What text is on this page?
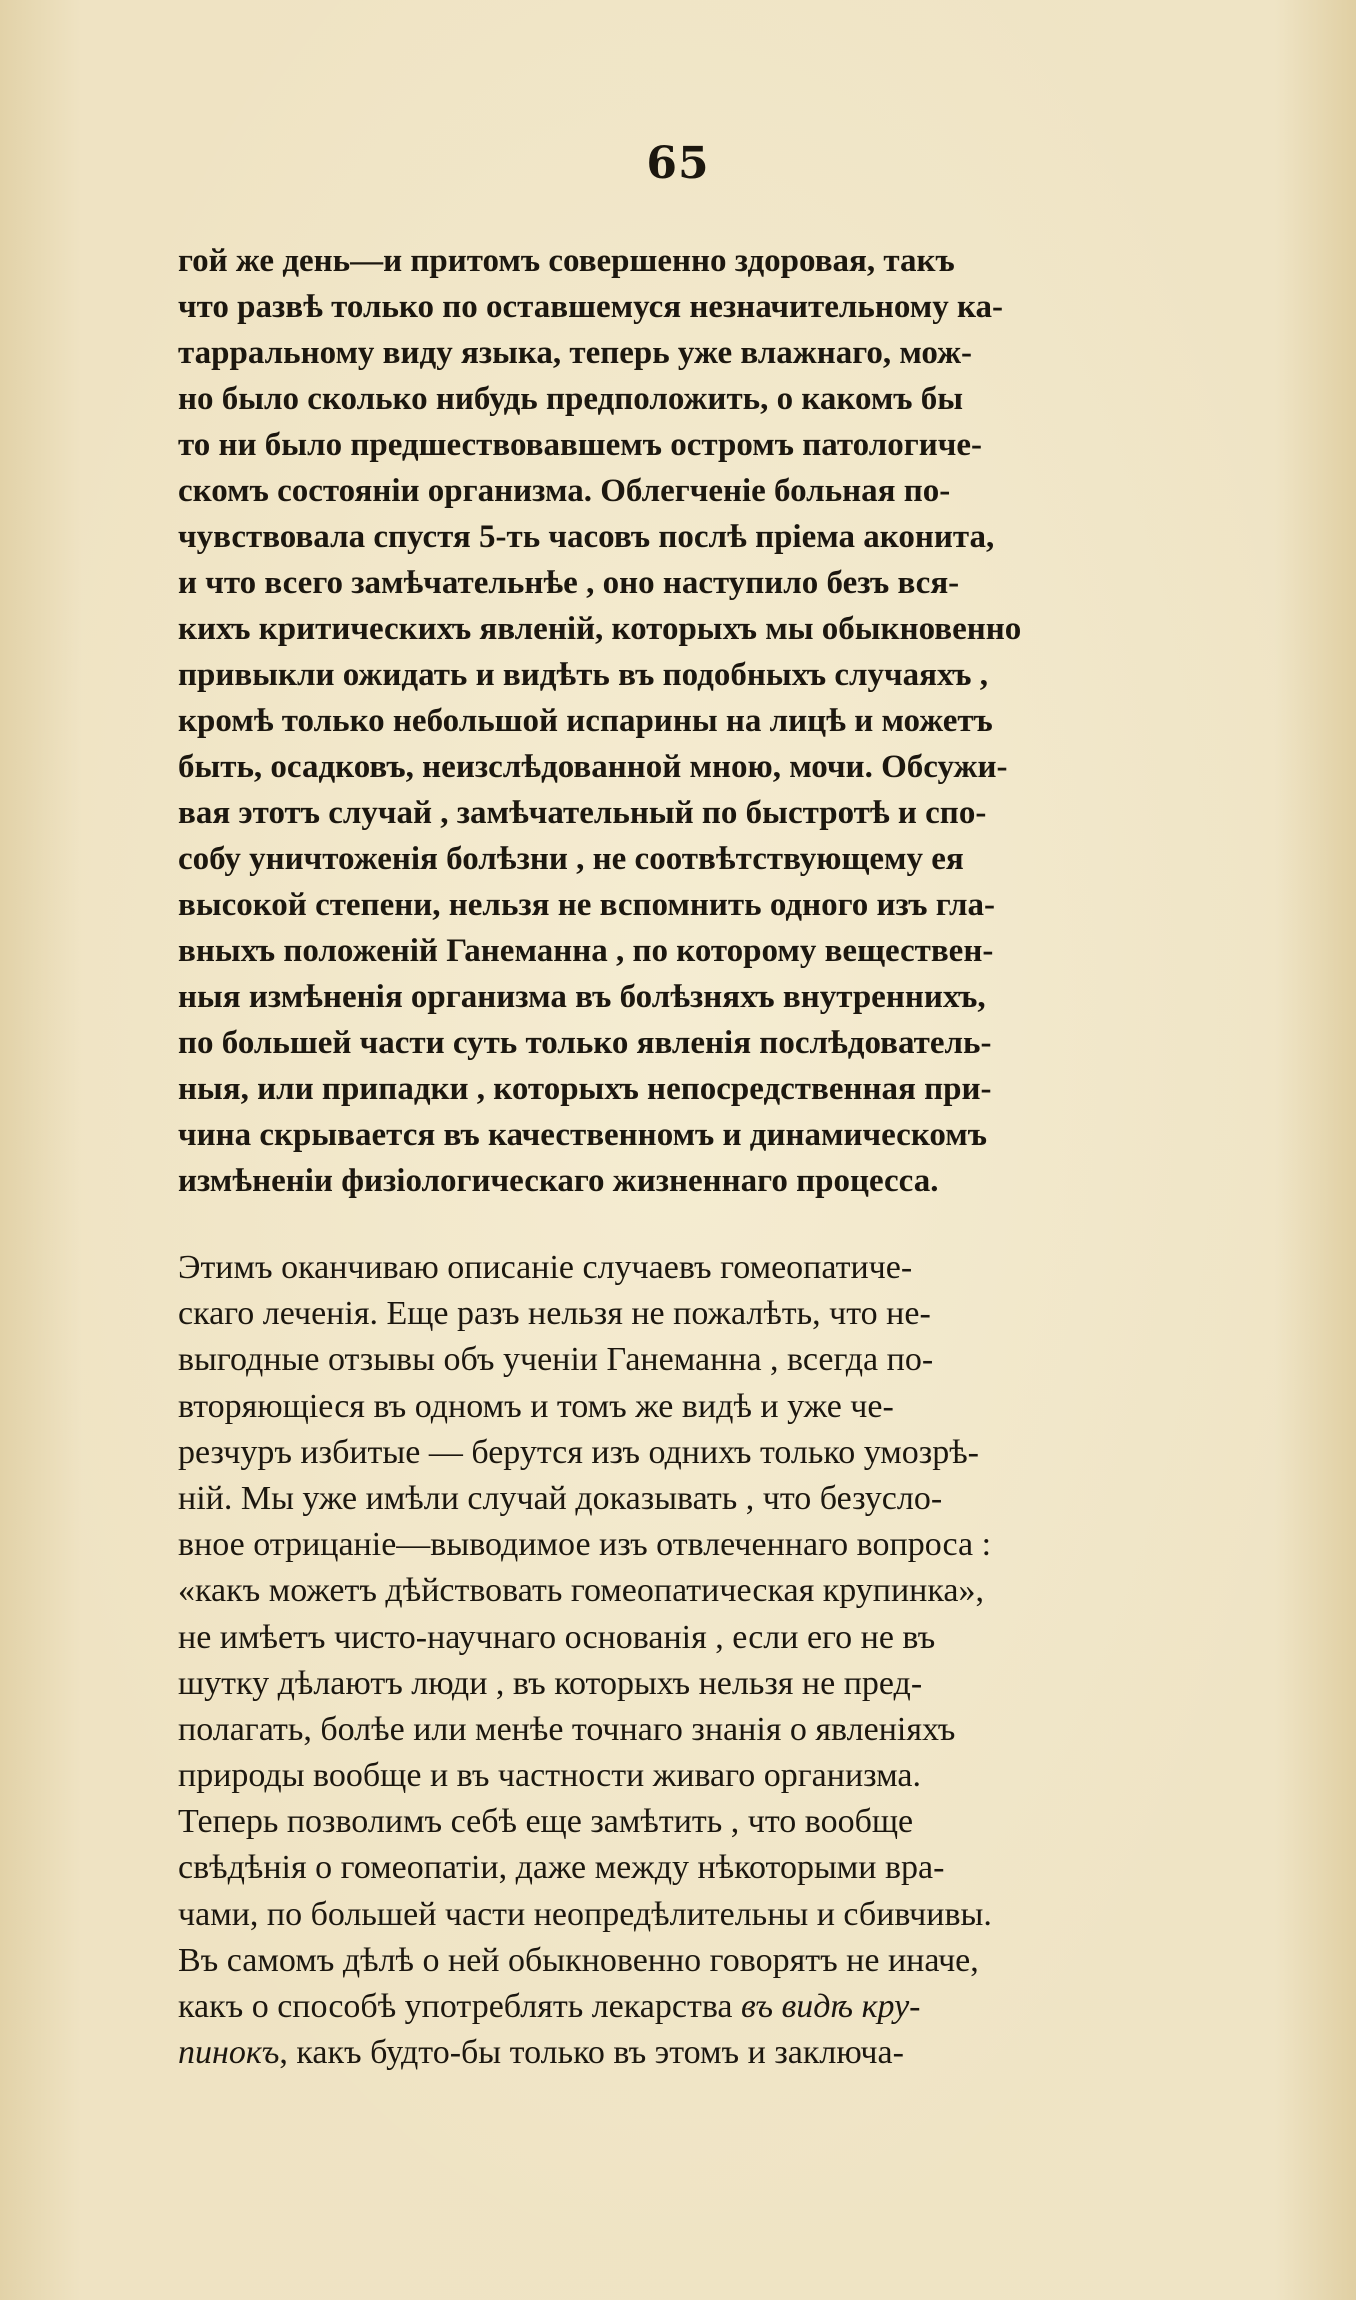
65
гой же день—и притомъ совершенно здоровая, такъ
что развѣ только по оставшемуся незначительному ка-
тарральному виду языка, теперь уже влажнаго, мож-
но было сколько нибудь предположить, о какомъ бы
то ни было предшествовавшемъ остромъ патологиче-
скомъ состояніи организма. Облегченіе больная по-
чувствовала спустя 5-ть часовъ послѣ пріема аконита,
и что всего замѣчательнѣе , оно наступило безъ вся-
кихъ критическихъ явленій, которыхъ мы обыкновенно
привыкли ожидать и видѣть въ подобныхъ случаяхъ ,
кромѣ только небольшой испарины на лицѣ и можетъ
быть, осадковъ, неизслѣдованной мною, мочи. Обсужи-
вая этотъ случай , замѣчательный по быстротѣ и спо-
собу уничтоженія болѣзни , не соотвѣтствующему ея
высокой степени, нельзя не вспомнить одного изъ гла-
вныхъ положеній Ганеманна , по которому веществен-
ныя измѣненія организма въ болѣзняхъ внутреннихъ,
по большей части суть только явленія послѣдователь-
ныя, или припадки , которыхъ непосредственная при-
чина скрывается въ качественномъ и динамическомъ
измѣненіи физіологическаго жизненнаго процесса.
Этимъ оканчиваю описаніе случаевъ гомеопатиче-
скаго леченія. Еще разъ нельзя не пожалѣть, что не-
выгодные отзывы объ ученіи Ганеманна , всегда по-
вторяющіеся въ одномъ и томъ же видѣ и уже че-
резчуръ избитые — берутся изъ однихъ только умозрѣ-
ній. Мы уже имѣли случай доказывать , что безусло-
вное отрицаніе—выводимое изъ отвлеченнаго вопроса :
«какъ можетъ дѣйствовать гомеопатическая крупинка»,
не имѣетъ чисто-научнаго основанія , если его не въ
шутку дѣлаютъ люди , въ которыхъ нельзя не пред-
полагать, болѣе или менѣе точнаго знанія о явленіяхъ
природы вообще и въ частности живаго организма.
Теперь позволимъ себѣ еще замѣтить , что вообще
свѣдѣнія о гомеопатіи, даже между нѣкоторыми вра-
чами, по большей части неопредѣлительны и сбивчивы.
Въ самомъ дѣлѣ о ней обыкновенно говорятъ не иначе,
какъ о способѣ употреблять лекарства въ видѣ кру-
пинокъ, какъ будто-бы только въ этомъ и заключа-
